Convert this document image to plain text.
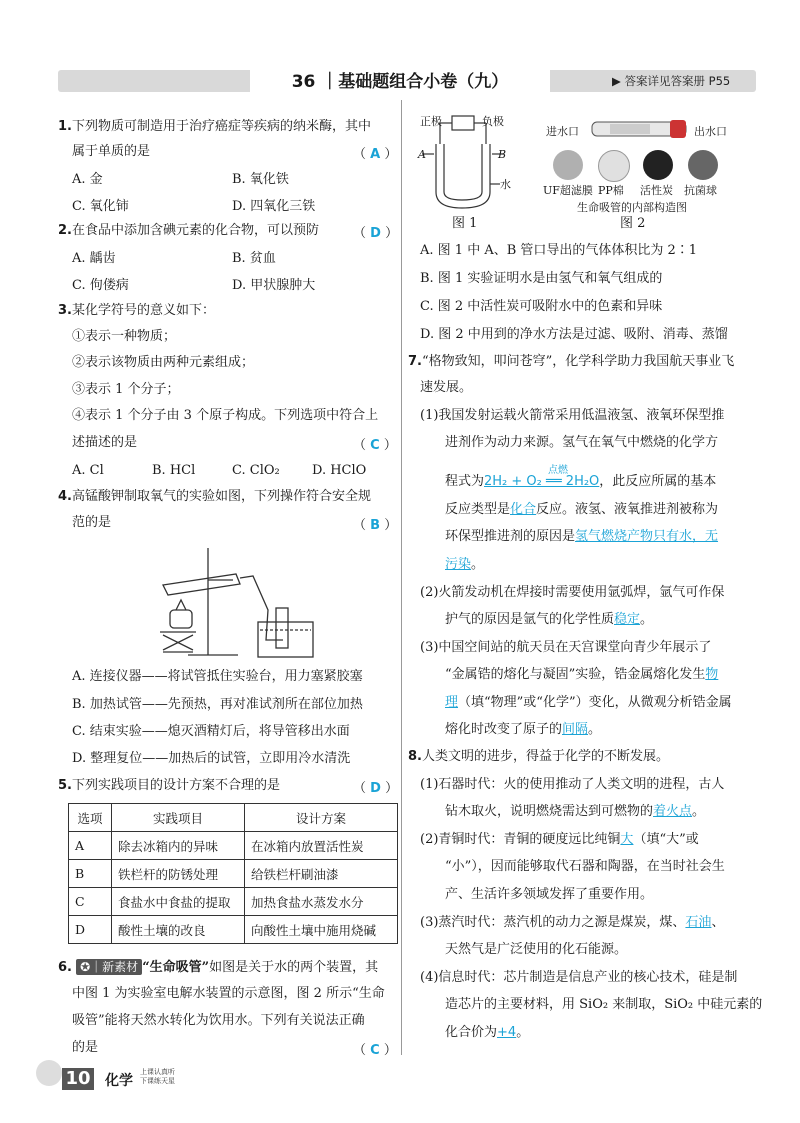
36 ｜基础题组合小卷（九）	▶ 答案详见答案册 P55
1.下列物质可制造用于治疗癌症等疾病的纳米酶，其中
属于单质的是	（ A ）
A. 金	B. 氧化铁
C. 氧化铈	D. 四氧化三铁
2.在食品中添加含碘元素的化合物，可以预防	（ D ）
A. 龋齿	B. 贫血
C. 佝偻病	D. 甲状腺肿大
3.某化学符号的意义如下：
①表示一种物质；
②表示该物质由两种元素组成；
③表示 1 个分子；
④表示 1 个分子由 3 个原子构成。下列选项中符合上
述描述的是	（ C ）
A. Cl	B. HCl	C. ClO₂ D. HClO
4.高锰酸钾制取氧气的实验如图，下列操作符合安全规
范的是	（ B ）
A. 连接仪器——将试管抵住实验台，用力塞紧胶塞
B. 加热试管——先预热，再对准试剂所在部位加热
C. 结束实验——熄灭酒精灯后，将导管移出水面
D. 整理复位——加热后的试管，立即用冷水清洗
5.下列实践项目的设计方案不合理的是	（ D ）
选项	实践项目	设计方案
A	除去冰箱内的异味	在冰箱内放置活性炭
B	铁栏杆的防锈处理	给铁栏杆刷油漆
C	食盐水中食盐的提取	加热食盐水蒸发水分
D	酸性土壤的改良	向酸性土壤中施用烧碱
6. ✪｜新素材 “生命吸管”如图是关于水的两个装置，其
中图 1 为实验室电解水装置的示意图，图 2 所示“生命
吸管”能将天然水转化为饮用水。下列有关说法正确
的是	（ C ）
正极	负极
A	B
水
图 1
进水口	出水口
UF超滤膜 PP棉 活性炭 抗菌球
生命吸管的内部构造图
图 2
A. 图 1 中 A、B 管口导出的气体体积比为 2∶1
B. 图 1 实验证明水是由氢气和氧气组成的
C. 图 2 中活性炭可吸附水中的色素和异味
D. 图 2 中用到的净水方法是过滤、吸附、消毒、蒸馏
7.“格物致知，叩问苍穹”，化学科学助力我国航天事业飞
速发展。
(1)我国发射运载火箭常采用低温液氢、液氧环保型推
进剂作为动力来源。氢气在氧气中燃烧的化学方
程式为2H₂ + O₂ ══ 2H₂O，此反应所属的基本
点燃
反应类型是化合反应。液氢、液氧推进剂被称为
环保型推进剂的原因是氢气燃烧产物只有水，无
污染。
(2)火箭发动机在焊接时需要使用氩弧焊，氩气可作保
护气的原因是氩气的化学性质稳定。
(3)中国空间站的航天员在天宫课堂向青少年展示了
“金属锆的熔化与凝固”实验，锆金属熔化发生物
理（填“物理”或“化学”）变化，从微观分析锆金属
熔化时改变了原子的间隔。
8.人类文明的进步，得益于化学的不断发展。
(1)石器时代：火的使用推动了人类文明的进程，古人
钻木取火，说明燃烧需达到可燃物的着火点。
(2)青铜时代：青铜的硬度远比纯铜大（填“大”或
“小”），因而能够取代石器和陶器，在当时社会生
产、生活许多领域发挥了重要作用。
(3)蒸汽时代：蒸汽机的动力之源是煤炭，煤、石油、
天然气是广泛使用的化石能源。
(4)信息时代：芯片制造是信息产业的核心技术，硅是制
造芯片的主要材料，用 SiO₂ 来制取，SiO₂ 中硅元素的
化合价为+4。
10 化学
上课认真听
下课练天星
